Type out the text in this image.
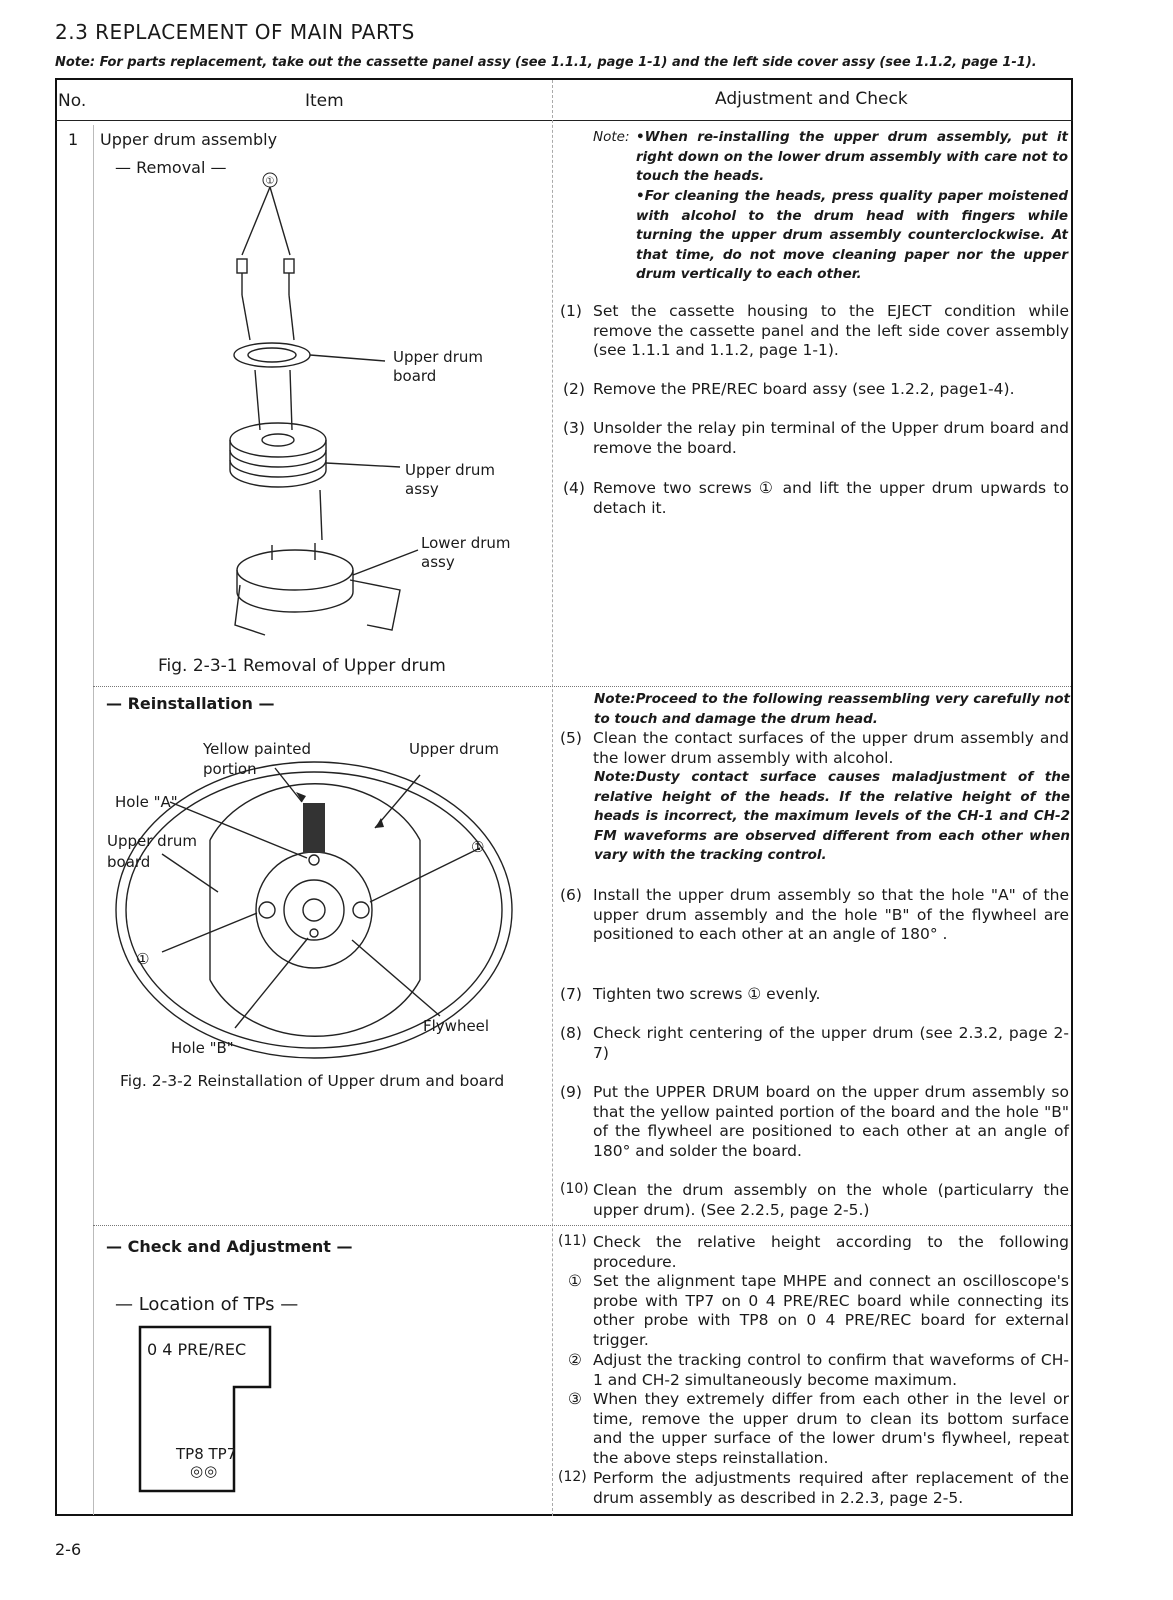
2.3 REPLACEMENT OF MAIN PARTS
Note: For parts replacement, take out the cassette panel assy (see 1.1.1, page 1-1) and the left side cover assy (see 1.1.2, page 1-1).
No.	Item	Adjustment and Check
1 Upper drum assembly
— Removal —
①
Upper drum
board
Upper drum
assy
Lower drum
assy
Fig. 2-3-1 Removal of Upper drum
Note: •When re-installing the upper drum assembly, put it right down on the lower drum assembly with care not to touch the heads.
•For cleaning the heads, press quality paper moistened with alcohol to the drum head with fingers while turning the upper drum assembly counterclockwise. At that time, do not move cleaning paper nor the upper drum vertically to each other.
(1) Set the cassette housing to the EJECT condition while remove the cassette panel and the left side cover assembly (see 1.1.1 and 1.1.2, page 1-1).
(2) Remove the PRE/REC board assy (see 1.2.2, page1-4).
(3) Unsolder the relay pin terminal of the Upper drum board and remove the board.
(4) Remove two screws ① and lift the upper drum upwards to detach it.
— Reinstallation —
Yellow painted
portion
Upper drum
Hole "A"
Upper drum
board
①
①
Flywheel
Hole "B"
Fig. 2-3-2 Reinstallation of Upper drum and board
Note:Proceed to the following reassembling very carefully not to touch and damage the drum head.
(5) Clean the contact surfaces of the upper drum assembly and the lower drum assembly with alcohol.
Note:Dusty contact surface causes maladjustment of the relative height of the heads. If the relative height of the heads is incorrect, the maximum levels of the CH-1 and CH-2 FM waveforms are observed different from each other when vary with the tracking control.
(6) Install the upper drum assembly so that the hole "A" of the upper drum assembly and the hole "B" of the flywheel are positioned to each other at an angle of 180° .
(7) Tighten two screws ① evenly.
(8) Check right centering of the upper drum (see 2.3.2, page 2-7)
(9) Put the UPPER DRUM board on the upper drum assembly so that the yellow painted portion of the board and the hole "B" of the flywheel are positioned to each other at an angle of 180° and solder the board.
(10) Clean the drum assembly on the whole (particularry the upper drum). (See 2.2.5, page 2-5.)
— Check and Adjustment —
— Location of TPs —
0 4 PRE/REC
TP8 TP7
◎◎
(11) Check the relative height according to the following procedure.
① Set the alignment tape MHPE and connect an oscilloscope's probe with TP7 on 0 4 PRE/REC board while connecting its other probe with TP8 on 0 4 PRE/REC board for external trigger.
② Adjust the tracking control to confirm that waveforms of CH-1 and CH-2 simultaneously become maximum.
③ When they extremely differ from each other in the level or time, remove the upper drum to clean its bottom surface and the upper surface of the lower drum's flywheel, repeat the above steps reinstallation.
(12) Perform the adjustments required after replacement of the drum assembly as described in 2.2.3, page 2-5.
2-6
